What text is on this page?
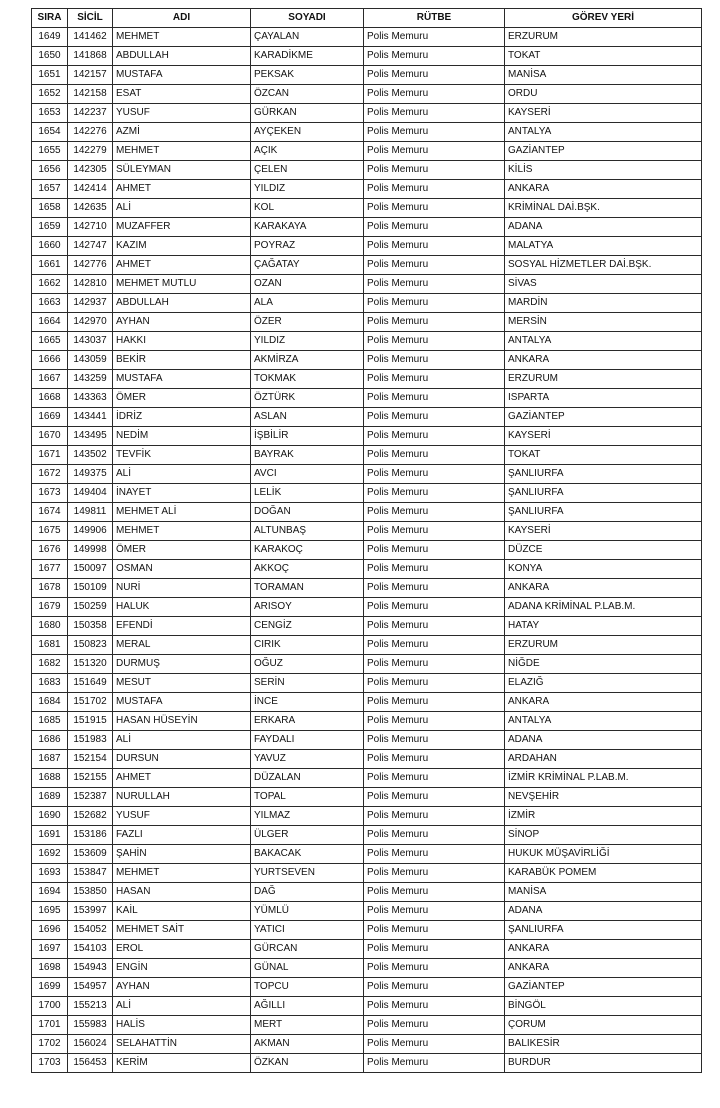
SIRA	SİCİL	ADI	SOYADI	RÜTBE	GÖREV YERİ
1649	141462	MEHMET	ÇAYALAN	Polis Memuru	ERZURUM
1650	141868	ABDULLAH	KARADİKME	Polis Memuru	TOKAT
1651	142157	MUSTAFA	PEKSAK	Polis Memuru	MANİSA
1652	142158	ESAT	ÖZCAN	Polis Memuru	ORDU
1653	142237	YUSUF	GÜRKAN	Polis Memuru	KAYSERİ
1654	142276	AZMİ	AYÇEKEN	Polis Memuru	ANTALYA
1655	142279	MEHMET	AÇIK	Polis Memuru	GAZİANTEP
1656	142305	SÜLEYMAN	ÇELEN	Polis Memuru	KİLİS
1657	142414	AHMET	YILDIZ	Polis Memuru	ANKARA
1658	142635	ALİ	KOL	Polis Memuru	KRİMİNAL DAİ.BŞK.
1659	142710	MUZAFFER	KARAKAYA	Polis Memuru	ADANA
1660	142747	KAZIM	POYRAZ	Polis Memuru	MALATYA
1661	142776	AHMET	ÇAĞATAY	Polis Memuru	SOSYAL HİZMETLER DAİ.BŞK.
1662	142810	MEHMET MUTLU	OZAN	Polis Memuru	SİVAS
1663	142937	ABDULLAH	ALA	Polis Memuru	MARDİN
1664	142970	AYHAN	ÖZER	Polis Memuru	MERSİN
1665	143037	HAKKI	YILDIZ	Polis Memuru	ANTALYA
1666	143059	BEKİR	AKMİRZA	Polis Memuru	ANKARA
1667	143259	MUSTAFA	TOKMAK	Polis Memuru	ERZURUM
1668	143363	ÖMER	ÖZTÜRK	Polis Memuru	ISPARTA
1669	143441	İDRİZ	ASLAN	Polis Memuru	GAZİANTEP
1670	143495	NEDİM	İŞBİLİR	Polis Memuru	KAYSERİ
1671	143502	TEVFİK	BAYRAK	Polis Memuru	TOKAT
1672	149375	ALİ	AVCI	Polis Memuru	ŞANLIURFA
1673	149404	İNAYET	LELİK	Polis Memuru	ŞANLIURFA
1674	149811	MEHMET ALİ	DOĞAN	Polis Memuru	ŞANLIURFA
1675	149906	MEHMET	ALTUNBAŞ	Polis Memuru	KAYSERİ
1676	149998	ÖMER	KARAKOÇ	Polis Memuru	DÜZCE
1677	150097	OSMAN	AKKOÇ	Polis Memuru	KONYA
1678	150109	NURİ	TORAMAN	Polis Memuru	ANKARA
1679	150259	HALUK	ARISOY	Polis Memuru	ADANA KRİMİNAL P.LAB.M.
1680	150358	EFENDİ	CENGİZ	Polis Memuru	HATAY
1681	150823	MERAL	CIRIK	Polis Memuru	ERZURUM
1682	151320	DURMUŞ	OĞUZ	Polis Memuru	NİĞDE
1683	151649	MESUT	SERİN	Polis Memuru	ELAZIĞ
1684	151702	MUSTAFA	İNCE	Polis Memuru	ANKARA
1685	151915	HASAN HÜSEYİN	ERKARA	Polis Memuru	ANTALYA
1686	151983	ALİ	FAYDALI	Polis Memuru	ADANA
1687	152154	DURSUN	YAVUZ	Polis Memuru	ARDAHAN
1688	152155	AHMET	DÜZALAN	Polis Memuru	İZMİR KRİMİNAL P.LAB.M.
1689	152387	NURULLAH	TOPAL	Polis Memuru	NEVŞEHİR
1690	152682	YUSUF	YILMAZ	Polis Memuru	İZMİR
1691	153186	FAZLI	ÜLGER	Polis Memuru	SİNOP
1692	153609	ŞAHİN	BAKACAK	Polis Memuru	HUKUK MÜŞAVİRLİĞİ
1693	153847	MEHMET	YURTSEVEN	Polis Memuru	KARABÜK POMEM
1694	153850	HASAN	DAĞ	Polis Memuru	MANİSA
1695	153997	KAİL	YÜMLÜ	Polis Memuru	ADANA
1696	154052	MEHMET SAİT	YATICI	Polis Memuru	ŞANLIURFA
1697	154103	EROL	GÜRCAN	Polis Memuru	ANKARA
1698	154943	ENGİN	GÜNAL	Polis Memuru	ANKARA
1699	154957	AYHAN	TOPCU	Polis Memuru	GAZİANTEP
1700	155213	ALİ	AĞILLI	Polis Memuru	BİNGÖL
1701	155983	HALİS	MERT	Polis Memuru	ÇORUM
1702	156024	SELAHATTİN	AKMAN	Polis Memuru	BALIKESİR
1703	156453	KERİM	ÖZKAN	Polis Memuru	BURDUR
